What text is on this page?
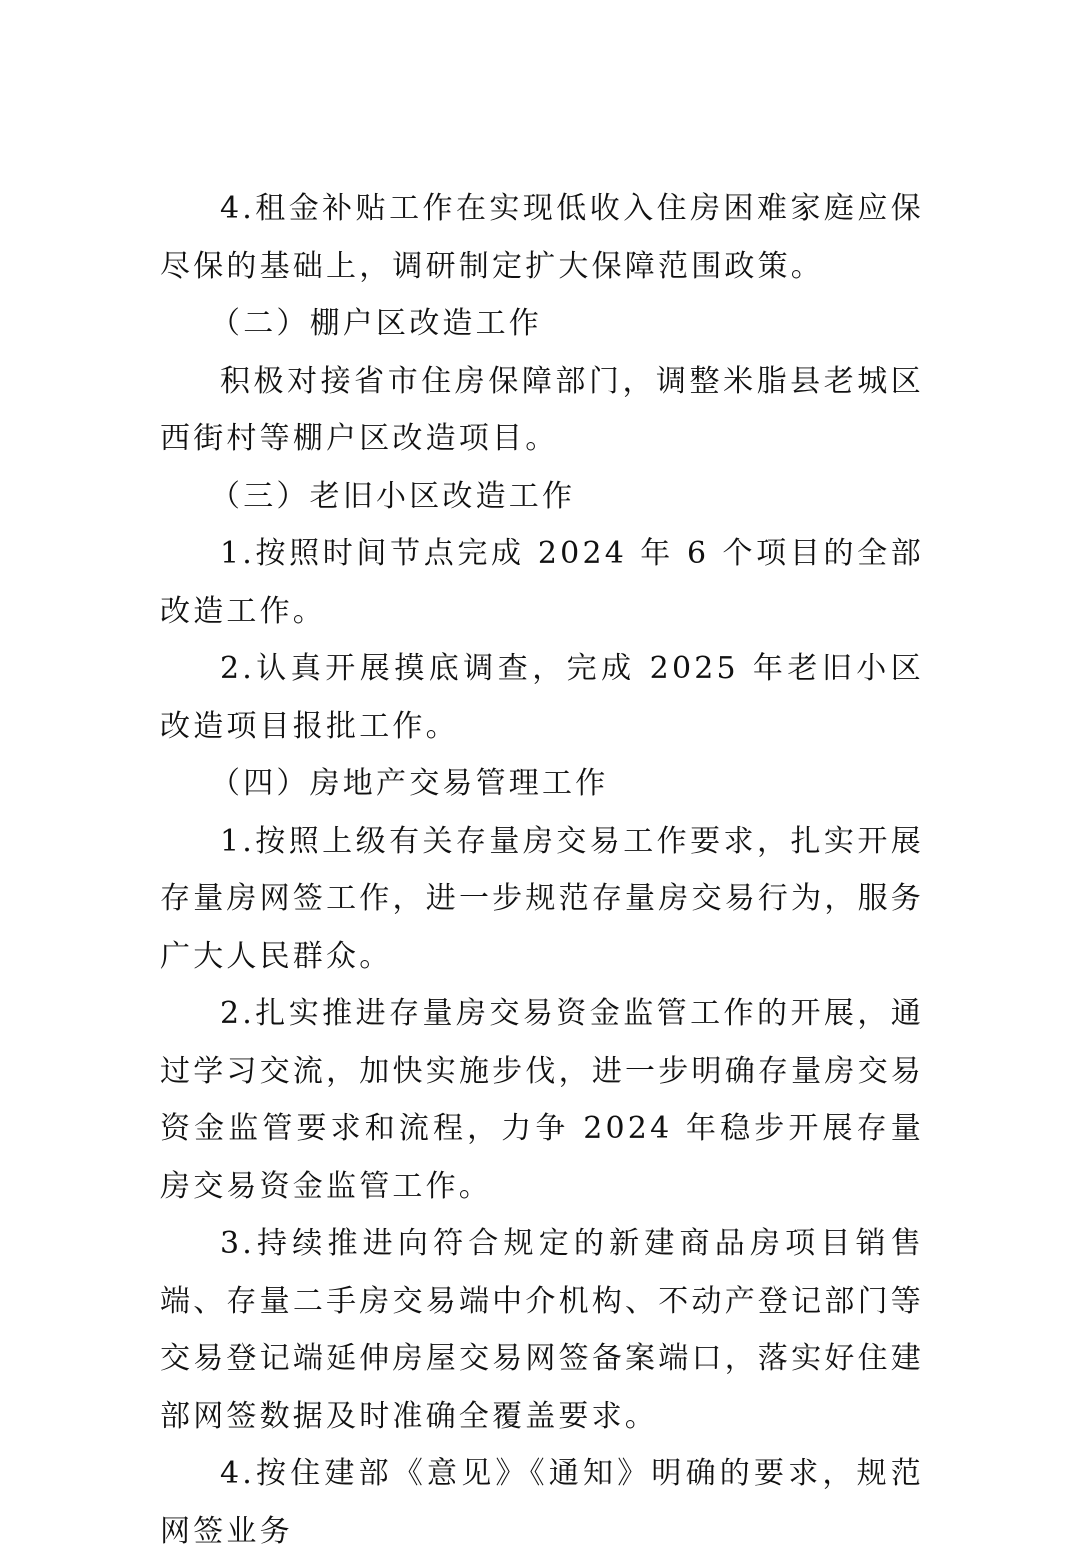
4.租金补贴工作在实现低收入住房困难家庭应保尽保的基础上，调研制定扩大保障范围政策。

（二）棚户区改造工作

积极对接省市住房保障部门，调整米脂县老城区西街村等棚户区改造项目。

（三）老旧小区改造工作

1.按照时间节点完成 2024 年 6 个项目的全部改造工作。

2.认真开展摸底调查，完成 2025 年老旧小区改造项目报批工作。

（四）房地产交易管理工作

1.按照上级有关存量房交易工作要求，扎实开展存量房网签工作，进一步规范存量房交易行为，服务广大人民群众。

2.扎实推进存量房交易资金监管工作的开展，通过学习交流，加快实施步伐，进一步明确存量房交易资金监管要求和流程，力争 2024 年稳步开展存量房交易资金监管工作。

3.持续推进向符合规定的新建商品房项目销售端、存量二手房交易端中介机构、不动产登记部门等交易登记端延伸房屋交易网签备案端口，落实好住建部网签数据及时准确全覆盖要求。

4.按住建部《意见》《通知》明确的要求，规范网签业务
